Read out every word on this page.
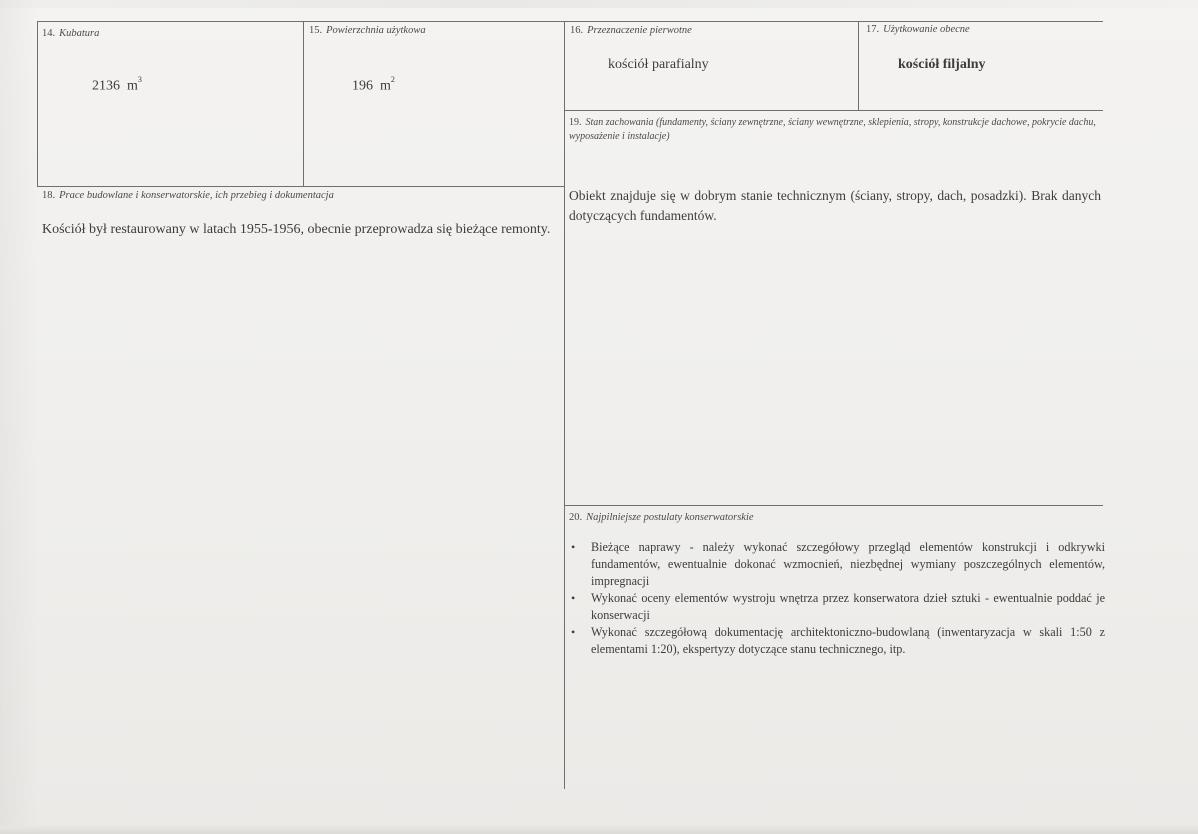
14. Kubatura
2136 $m^3$
15. Powierzchnia użytkowa
196 $m^2$
16. Przeznaczenie pierwotne
kościół parafialny
17. Użytkowanie obecne
kościół filjalny
19. Stan zachowania (fundamenty, ściany zewnętrzne, ściany wewnętrzne, sklepienia, stropy, konstrukcje dachowe, pokrycie dachu, wyposażenie i instalacje)
Obiekt znajduje się w dobrym stanie technicznym (ściany, stropy, dach, posadzki). Brak danych dotyczących fundamentów.
18. Prace budowlane i konserwatorskie, ich przebieg i dokumentacja
Kościół był restaurowany w latach 1955-1956, obecnie przeprowadza się bieżące remonty.
20. Najpilniejsze postulaty konserwatorskie
• Bieżące naprawy - należy wykonać szczegółowy przegląd elementów konstrukcji i odkrywki fundamentów, ewentualnie dokonać wzmocnień, niezbędnej wymiany poszczególnych elementów, impregnacji
• Wykonać oceny elementów wystroju wnętrza przez konserwatora dzieł sztuki - ewentualnie poddać je konserwacji
• Wykonać szczegółową dokumentację architektoniczno-budowlaną (inwentaryzacja w skali 1:50 z elementami 1:20), ekspertyzy dotyczące stanu technicznego, itp.
